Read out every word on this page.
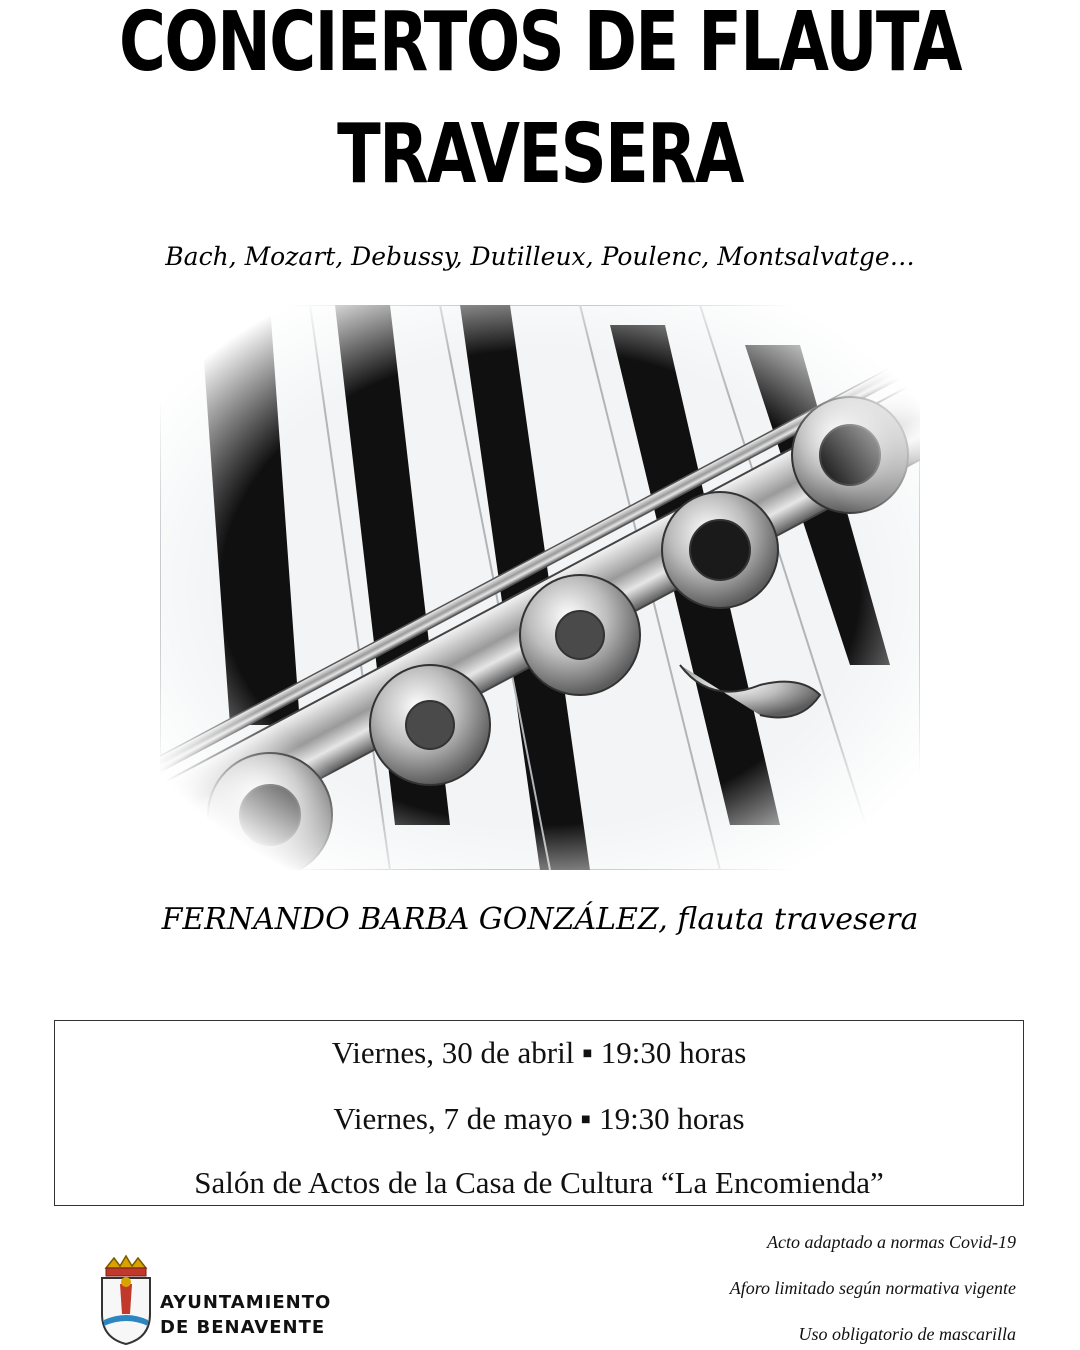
CONCIERTOS DE FLAUTA
TRAVESERA
Bach, Mozart, Debussy, Dutilleux, Poulenc, Montsalvatge…
FERNANDO BARBA GONZÁLEZ, flauta travesera
Viernes, 30 de abril ▪ 19:30 horas
Viernes, 7 de mayo ▪ 19:30 horas
Salón de Actos de la Casa de Cultura “La Encomienda”
AYUNTAMIENTO
DE BENAVENTE
Acto adaptado a normas Covid-19
Aforo limitado según normativa vigente
Uso obligatorio de mascarilla
